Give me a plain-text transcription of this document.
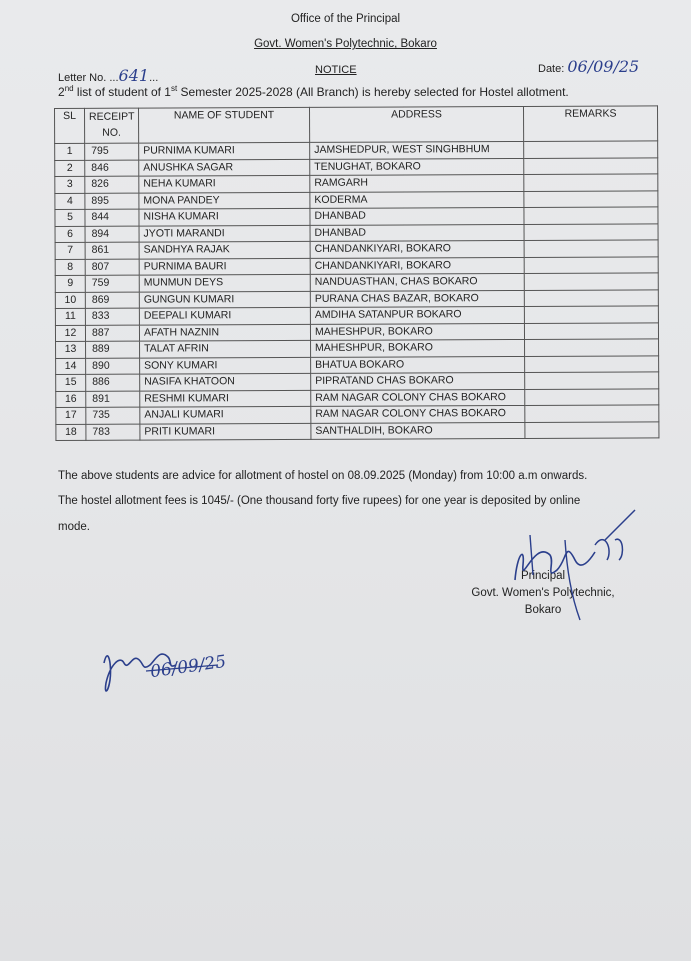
Office of the Principal
Govt. Women's Polytechnic, Bokaro
Letter No. ...641...
NOTICE	Date: 06/09/25
2nd list of student of 1st Semester 2025-2028 (All Branch) is hereby selected for Hostel allotment.
SL	RECEIPT NO.	NAME OF STUDENT	ADDRESS	REMARKS
1	795	PURNIMA KUMARI	JAMSHEDPUR, WEST SINGHBHUM	
2	846	ANUSHKA SAGAR	TENUGHAT, BOKARO	
3	826	NEHA KUMARI	RAMGARH	
4	895	MONA PANDEY	KODERMA	
5	844	NISHA KUMARI	DHANBAD	
6	894	JYOTI MARANDI	DHANBAD	
7	861	SANDHYA RAJAK	CHANDANKIYARI, BOKARO	
8	807	PURNIMA BAURI	CHANDANKIYARI, BOKARO	
9	759	MUNMUN DEYS	NANDUASTHAN, CHAS BOKARO	
10	869	GUNGUN KUMARI	PURANA CHAS BAZAR, BOKARO	
11	833	DEEPALI KUMARI	AMDIHA SATANPUR BOKARO	
12	887	AFATH NAZNIN	MAHESHPUR, BOKARO	
13	889	TALAT AFRIN	MAHESHPUR, BOKARO	
14	890	SONY KUMARI	BHATUA BOKARO	
15	886	NASIFA KHATOON	PIPRATAND CHAS BOKARO	
16	891	RESHMI KUMARI	RAM NAGAR COLONY CHAS BOKARO	
17	735	ANJALI KUMARI	RAM NAGAR COLONY CHAS BOKARO	
18	783	PRITI KUMARI	SANTHALDIH, BOKARO	
The above students are advice for allotment of hostel on 08.09.2025 (Monday) from 10:00 a.m onwards.
The hostel allotment fees is 1045/- (One thousand forty five rupees) for one year is deposited by online
mode.
Principal
Govt. Women's Polytechnic,
Bokaro
06/09/25
